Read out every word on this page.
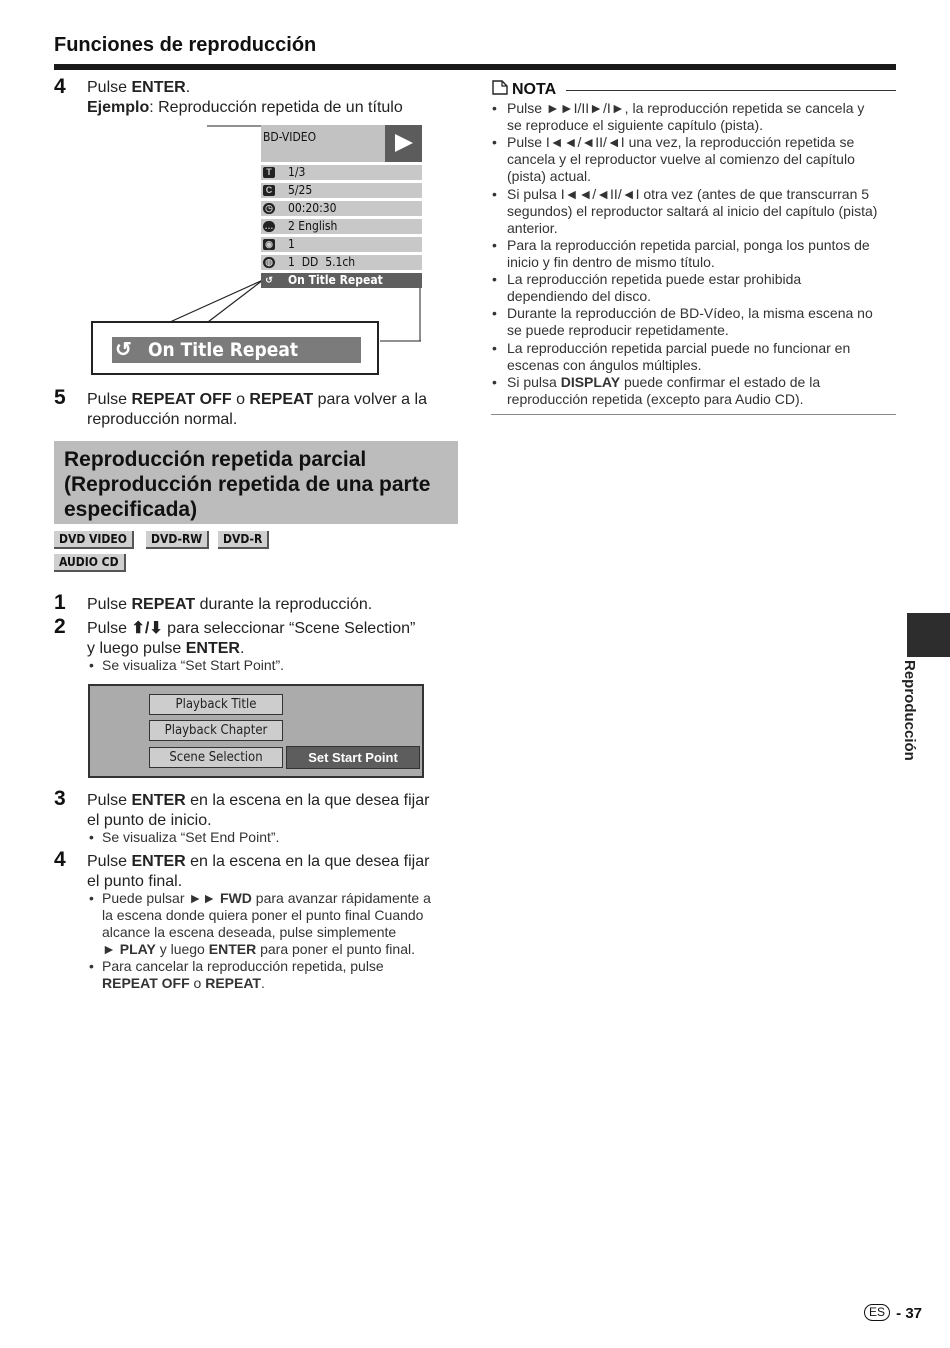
Funciones de reproducción
4 Pulse ENTER.
Ejemplo: Reproducción repetida de un título
BD-VIDEO
T 1/3
C 5/25
◷ 00:20:30
… 2 English
◉ 1
◍ 1  DD  5.1ch
↺ On Title Repeat
↺ On Title Repeat
5 Pulse REPEAT OFF o REPEAT para volver a la
reproducción normal.
Reproducción repetida parcial (Reproducción repetida de una parte especificada)
DVD VIDEO	DVD-RW	DVD-R
AUDIO CD
1 Pulse REPEAT durante la reproducción.
2 Pulse ⬆/⬇ para seleccionar “Scene Selection”
y luego pulse ENTER.
• Se visualiza “Set Start Point”.
Playback Title
Playback Chapter
Scene Selection	Set Start Point
3 Pulse ENTER en la escena en la que desea fijar
el punto de inicio.
• Se visualiza “Set End Point”.
4 Pulse ENTER en la escena en la que desea fijar
el punto final.
• Puede pulsar ►► FWD para avanzar rápidamente a
la escena donde quiera poner el punto final Cuando
alcance la escena deseada, pulse simplemente
► PLAY y luego ENTER para poner el punto final.
• Para cancelar la reproducción repetida, pulse
REPEAT OFF o REPEAT.
NOTA
• Pulse ►►I/II►/I►, la reproducción repetida se cancela y
se reproduce el siguiente capítulo (pista).
• Pulse I◄◄/◄II/◄I una vez, la reproducción repetida se
cancela y el reproductor vuelve al comienzo del capítulo
(pista) actual.
• Si pulsa I◄◄/◄II/◄I otra vez (antes de que transcurran 5
segundos) el reproductor saltará al inicio del capítulo (pista)
anterior.
• Para la reproducción repetida parcial, ponga los puntos de
inicio y fin dentro de mismo título.
• La reproducción repetida puede estar prohibida
dependiendo del disco.
• Durante la reproducción de BD-Vídeo, la misma escena no
se puede reproducir repetidamente.
• La reproducción repetida parcial puede no funcionar en
escenas con ángulos múltiples.
• Si pulsa DISPLAY puede confirmar el estado de la
reproducción repetida (excepto para Audio CD).
Reproducción
ES - 37
